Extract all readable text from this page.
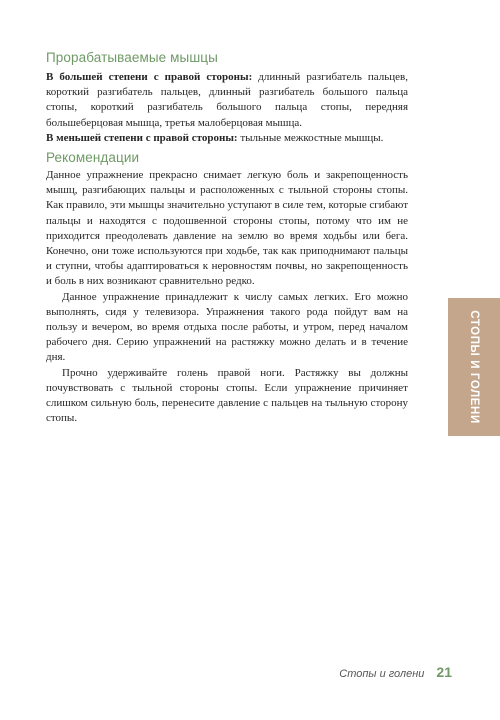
Прорабатываемые мышцы

В большей степени с правой стороны: длинный разгибатель пальцев, короткий разгибатель пальцев, длинный разгибатель большого пальца стопы, короткий разгибатель большого пальца стопы, передняя большеберцовая мышца, третья малоберцовая мышца.

В меньшей степени с правой стороны: тыльные межкостные мышцы.

Рекомендации

Данное упражнение прекрасно снимает легкую боль и закрепощенность мышц, разгибающих пальцы и расположенных с тыльной стороны стопы. Как правило, эти мышцы значительно уступают в силе тем, которые сгибают пальцы и находятся с подошвенной стороны стопы, потому что им не приходится преодолевать давление на землю во время ходьбы или бега. Конечно, они тоже используются при ходьбе, так как приподнимают пальцы и ступни, чтобы адаптироваться к неровностям почвы, но закрепощенность и боль в них возникают сравнительно редко.

Данное упражнение принадлежит к числу самых легких. Его можно выполнять, сидя у телевизора. Упражнения такого рода пойдут вам на пользу и вечером, во время отдыха после работы, и утром, перед началом рабочего дня. Серию упражнений на растяжку можно делать и в течение дня.

Прочно удерживайте голень правой ноги. Растяжку вы должны почувствовать с тыльной стороны стопы. Если упражнение причиняет слишком сильную боль, перенесите давление с пальцев на тыльную сторону стопы.	СТОПЫ И ГОЛЕНИ
Стопы и голени 21
